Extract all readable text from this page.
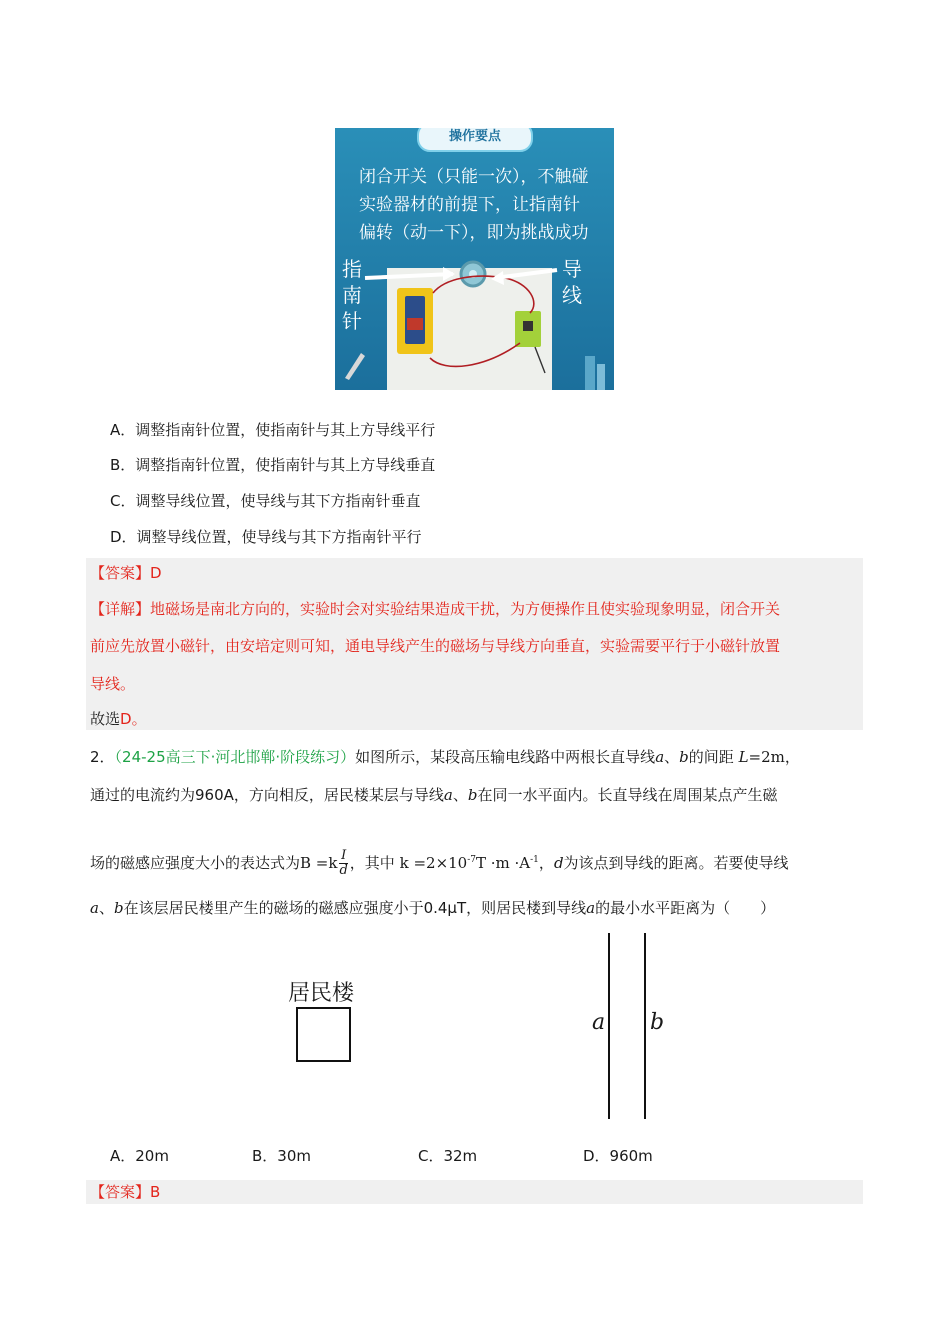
操作要点
闭合开关（只能一次），不触碰
实验器材的前提下，让指南针
偏转（动一下），即为挑战成功
指
南
针
导
线
A．调整指南针位置，使指南针与其上方导线平行
B．调整指南针位置，使指南针与其上方导线垂直
C．调整导线位置，使导线与其下方指南针垂直
D．调整导线位置，使导线与其下方指南针平行
【答案】D
【详解】地磁场是南北方向的，实验时会对实验结果造成干扰，为方便操作且使实验现象明显，闭合开关
前应先放置小磁针，由安培定则可知，通电导线产生的磁场与导线方向垂直，实验需要平行于小磁针放置
导线。
故选D。
2．（24-25高三下·河北邯郸·阶段练习）如图所示，某段高压输电线路中两根长直导线a、b的间距 L=2m，
通过的电流约为960A，方向相反，居民楼某层与导线a、b在同一水平面内。长直导线在周围某点产生磁
场的磁感应强度大小的表达式为$B =k \frac{I}{d}$ ，其中 $k =2\times 10^{-7}T \cdot m \cdot A^{-1}$，d为该点到导线的距离。若要使导线
a、b在该层居民楼里产生的磁场的磁感应强度小于0.4μT，则居民楼到导线a的最小水平距离为（　　）
居民楼
a b
A．20m	B．30m	C．32m	D．960m
【答案】B
